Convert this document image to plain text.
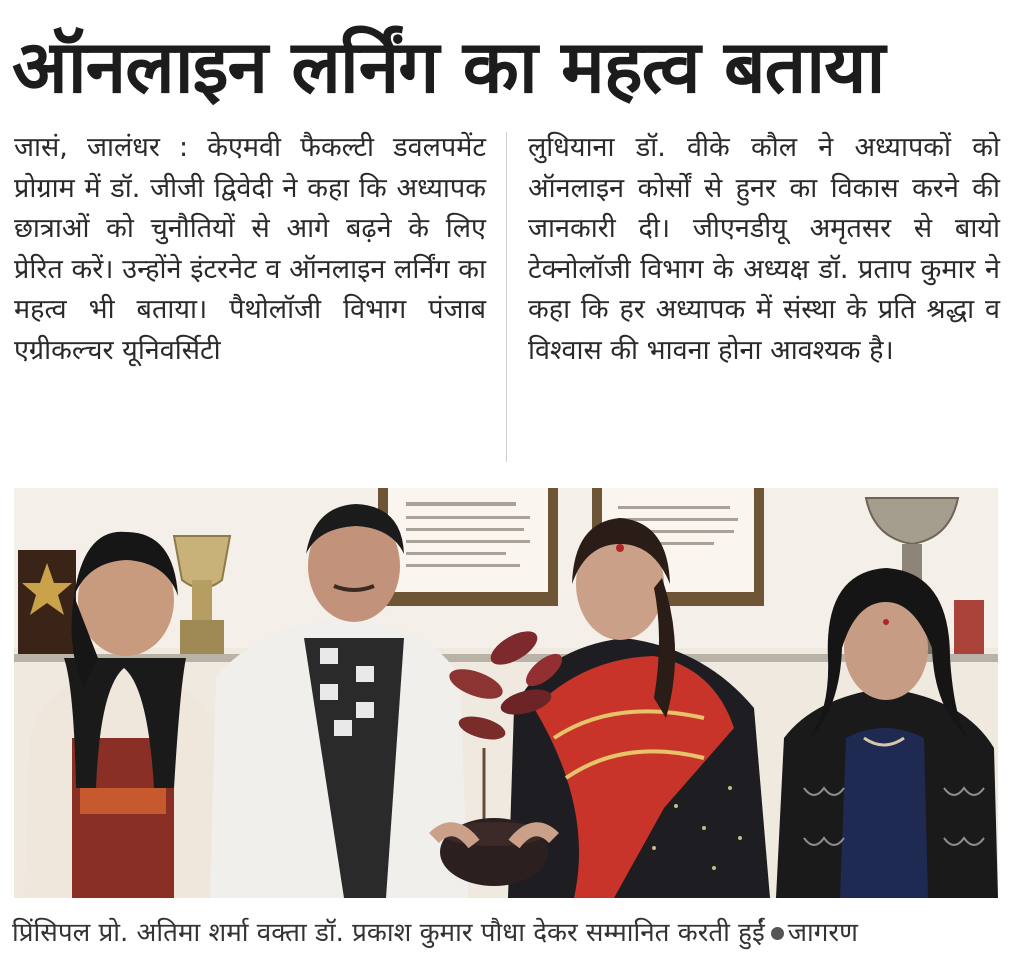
ऑनलाइन लर्निंग का महत्व बताया
जासं, जालंधर : केएमवी फैकल्टी डवलपमेंट प्रोग्राम में डॉ. जीजी द्विवेदी ने कहा कि अध्यापक छात्राओं को चुनौतियों से आगे बढ़ने के लिए प्रेरित करें। उन्होंने इंटरनेट व ऑनलाइन लर्निंग का महत्व भी बताया। पैथोलॉजी विभाग पंजाब एग्रीकल्चर यूनिवर्सिटी
लुधियाना डॉ. वीके कौल ने अध्यापकों को ऑनलाइन कोर्सों से हुनर का विकास करने की जानकारी दी। जीएनडीयू अमृतसर से बायो टेक्नोलॉजी विभाग के अध्यक्ष डॉ. प्रताप कुमार ने कहा कि हर अध्यापक में संस्था के प्रति श्रद्धा व विश्वास की भावना होना आवश्यक है।
प्रिंसिपल प्रो. अतिमा शर्मा वक्ता डॉ. प्रकाश कुमार पौधा देकर सम्मानित करती हुईं जागरण
